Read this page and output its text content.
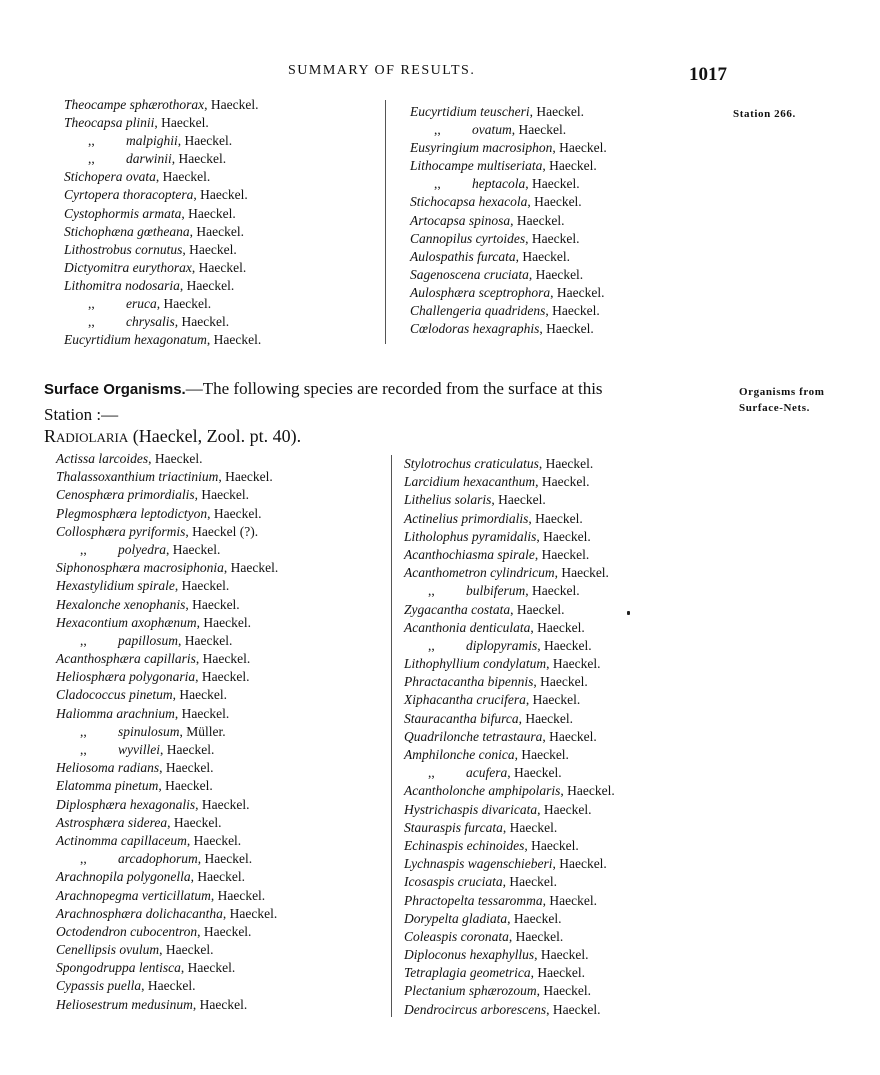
SUMMARY OF RESULTS.	1017
Station 266.
Theocampe sphærothorax, Haeckel.
Theocapsa plinii, Haeckel.
,, malpighii, Haeckel.
,, darwinii, Haeckel.
Stichopera ovata, Haeckel.
Cyrtopera thoracoptera, Haeckel.
Cystophormis armata, Haeckel.
Stichophæna gœtheana, Haeckel.
Lithostrobus cornutus, Haeckel.
Dictyomitra eurythorax, Haeckel.
Lithomitra nodosaria, Haeckel.
,, eruca, Haeckel.
,, chrysalis, Haeckel.
Eucyrtidium hexagonatum, Haeckel.
Eucyrtidium teuscheri, Haeckel.
,, ovatum, Haeckel.
Eusyringium macrosiphon, Haeckel.
Lithocampe multiseriata, Haeckel.
,, heptacola, Haeckel.
Stichocapsa hexacola, Haeckel.
Artocapsa spinosa, Haeckel.
Cannopilus cyrtoides, Haeckel.
Aulospathis furcata, Haeckel.
Sagenoscena cruciata, Haeckel.
Aulosphæra sceptrophora, Haeckel.
Challengeria quadridens, Haeckel.
Cœlodoras hexagraphis, Haeckel.
Surface Organisms.—The following species are recorded from the surface at this
Station :—
Organisms from
Surface-Nets.
Radiolaria (Haeckel, Zool. pt. 40).
Actissa larcoides, Haeckel.
Thalassoxanthium triactinium, Haeckel.
Cenosphæra primordialis, Haeckel.
Plegmosphæra leptodictyon, Haeckel.
Collosphæra pyriformis, Haeckel (?).
,, polyedra, Haeckel.
Siphonosphæra macrosiphonia, Haeckel.
Hexastylidium spirale, Haeckel.
Hexalonche xenophanis, Haeckel.
Hexacontium axophænum, Haeckel.
,, papillosum, Haeckel.
Acanthosphæra capillaris, Haeckel.
Heliosphæra polygonaria, Haeckel.
Cladococcus pinetum, Haeckel.
Haliomma arachnium, Haeckel.
,, spinulosum, Müller.
,, wyvillei, Haeckel.
Heliosoma radians, Haeckel.
Elatomma pinetum, Haeckel.
Diplosphæra hexagonalis, Haeckel.
Astrosphæra siderea, Haeckel.
Actinomma capillaceum, Haeckel.
,, arcadophorum, Haeckel.
Arachnopila polygonella, Haeckel.
Arachnopegma verticillatum, Haeckel.
Arachnosphæra dolichacantha, Haeckel.
Octodendron cubocentron, Haeckel.
Cenellipsis ovulum, Haeckel.
Spongodruppa lentisca, Haeckel.
Cypassis puella, Haeckel.
Heliosestrum medusinum, Haeckel.
Stylotrochus craticulatus, Haeckel.
Larcidium hexacanthum, Haeckel.
Lithelius solaris, Haeckel.
Actinelius primordialis, Haeckel.
Litholophus pyramidalis, Haeckel.
Acanthochiasma spirale, Haeckel.
Acanthometron cylindricum, Haeckel.
,, bulbiferum, Haeckel.
Zygacantha costata, Haeckel.
Acanthonia denticulata, Haeckel.
,, diplopyramis, Haeckel.
Lithophyllium condylatum, Haeckel.
Phractacantha bipennis, Haeckel.
Xiphacantha crucifera, Haeckel.
Stauracantha bifurca, Haeckel.
Quadrilonche tetrastaura, Haeckel.
Amphilonche conica, Haeckel.
,, acufera, Haeckel.
Acantholonche amphipolaris, Haeckel.
Hystrichaspis divaricata, Haeckel.
Stauraspis furcata, Haeckel.
Echinaspis echinoides, Haeckel.
Lychnaspis wagenschieberi, Haeckel.
Icosaspis cruciata, Haeckel.
Phractopelta tessaromma, Haeckel.
Dorypelta gladiata, Haeckel.
Coleaspis coronata, Haeckel.
Diploconus hexaphyllus, Haeckel.
Tetraplagia geometrica, Haeckel.
Plectanium sphærozoum, Haeckel.
Dendrocircus arborescens, Haeckel.
